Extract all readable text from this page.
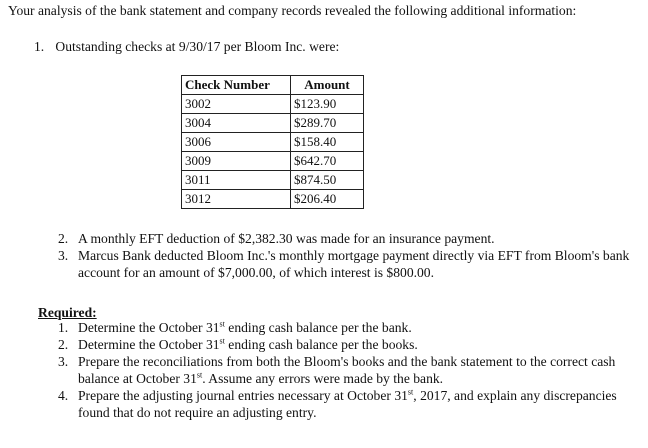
Your analysis of the bank statement and company records revealed the following additional information:
1. Outstanding checks at 9/30/17 per Bloom Inc. were:
Check Number	Amount
3002	$123.90
3004	$289.70
3006	$158.40
3009	$642.70
3011	$874.50
3012	$206.40
2. A monthly EFT deduction of $2,382.30 was made for an insurance payment.
3. Marcus Bank deducted Bloom Inc.'s monthly mortgage payment directly via EFT from Bloom's bank account for an amount of $7,000.00, of which interest is $800.00.
Required:
1. Determine the October 31st ending cash balance per the bank.
2. Determine the October 31st ending cash balance per the books.
3. Prepare the reconciliations from both the Bloom's books and the bank statement to the correct cash balance at October 31st. Assume any errors were made by the bank.
4. Prepare the adjusting journal entries necessary at October 31st, 2017, and explain any discrepancies found that do not require an adjusting entry.
